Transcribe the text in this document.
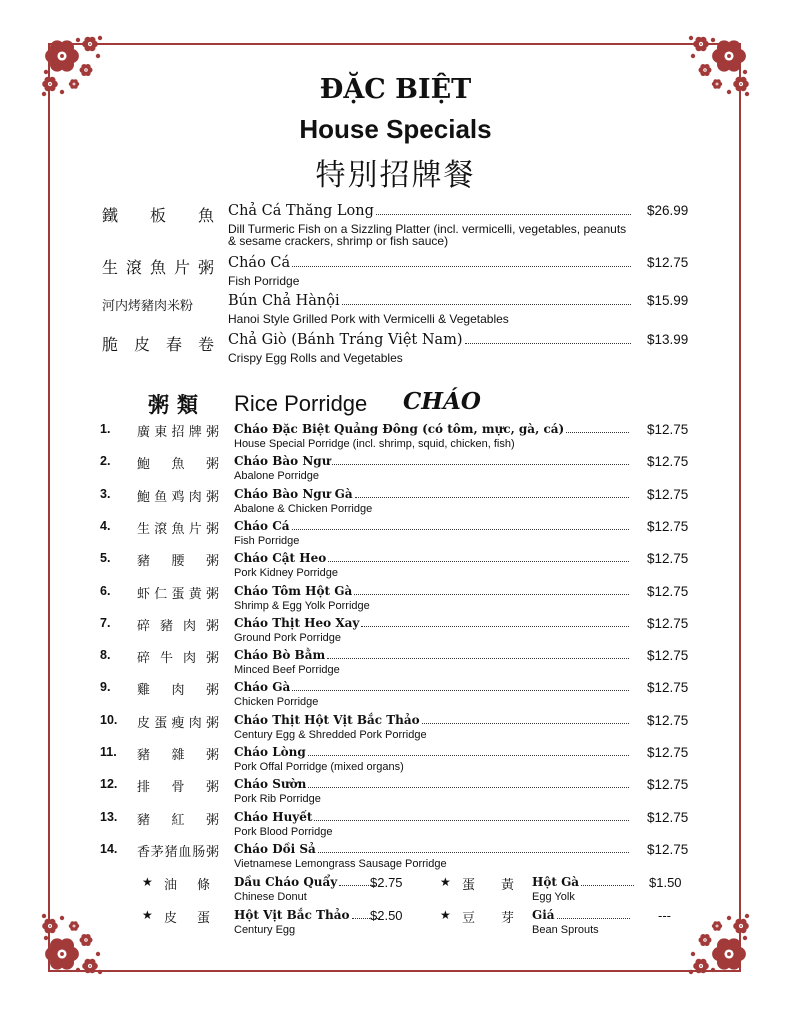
ĐẶC BIỆT
House Specials
特別招牌餐
鐵 板 魚 Chả Cá Thăng Long	$26.99
Dill Turmeric Fish on a Sizzling Platter (incl. vermicelli, vegetables, peanuts & sesame crackers, shrimp or fish sauce)
生 滾 魚 片 粥 Cháo Cá	$12.75
Fish Porridge
河内烤豬肉米粉	Bún Chả Hànội	$15.99
Hanoi Style Grilled Pork with Vermicelli & Vegetables
脆 皮 春 卷 Chả Giò (Bánh Tráng Việt Nam)	$13.99
Crispy Egg Rolls and Vegetables
粥類 Rice Porridge CHÁO
1. 廣 東 招 牌 粥 Cháo Đặc Biệt Quảng Đông (có tôm, mực, gà, cá)	$12.75
House Special Porridge (incl. shrimp, squid, chicken, fish)
2. 鮑 魚 粥 Cháo Bào Ngư	$12.75
Abalone Porridge
3. 鮑 鱼 鸡 肉 粥 Cháo Bào Ngư Gà	$12.75
Abalone & Chicken Porridge
4. 生 滾 魚 片 粥 Cháo Cá	$12.75
Fish Porridge
5. 豬 腰 粥 Cháo Cật Heo	$12.75
Pork Kidney Porridge
6. 虾 仁 蛋 黄 粥 Cháo Tôm Hột Gà	$12.75
Shrimp & Egg Yolk Porridge
7. 碎 豬 肉 粥 Cháo Thịt Heo Xay	$12.75
Ground Pork Porridge
8. 碎 牛 肉 粥 Cháo Bò Bằm	$12.75
Minced Beef Porridge
9. 雞 肉 粥 Cháo Gà	$12.75
Chicken Porridge
10. 皮 蛋 瘦 肉 粥 Cháo Thịt Hột Vịt Bắc Thảo	$12.75
Century Egg & Shredded Pork Porridge
11. 豬 雜 粥 Cháo Lòng	$12.75
Pork Offal Porridge (mixed organs)
12. 排 骨 粥 Cháo Sườn	$12.75
Pork Rib Porridge
13. 豬 紅 粥 Cháo Huyết	$12.75
Pork Blood Porridge
14. 香 茅 猪 血 肠 粥 Cháo Dồi Sả	$12.75
Vietnamese Lemongrass Sausage Porridge
★ 油 條 Dầu Cháo Quẩy	$2.75
Chinese Donut
★ 蛋 黃 Hột Gà	$1.50
Egg Yolk
★ 皮 蛋 Hột Vịt Bắc Thảo $2.50
Century Egg
★ 豆 芽 Giá	---
Bean Sprouts
